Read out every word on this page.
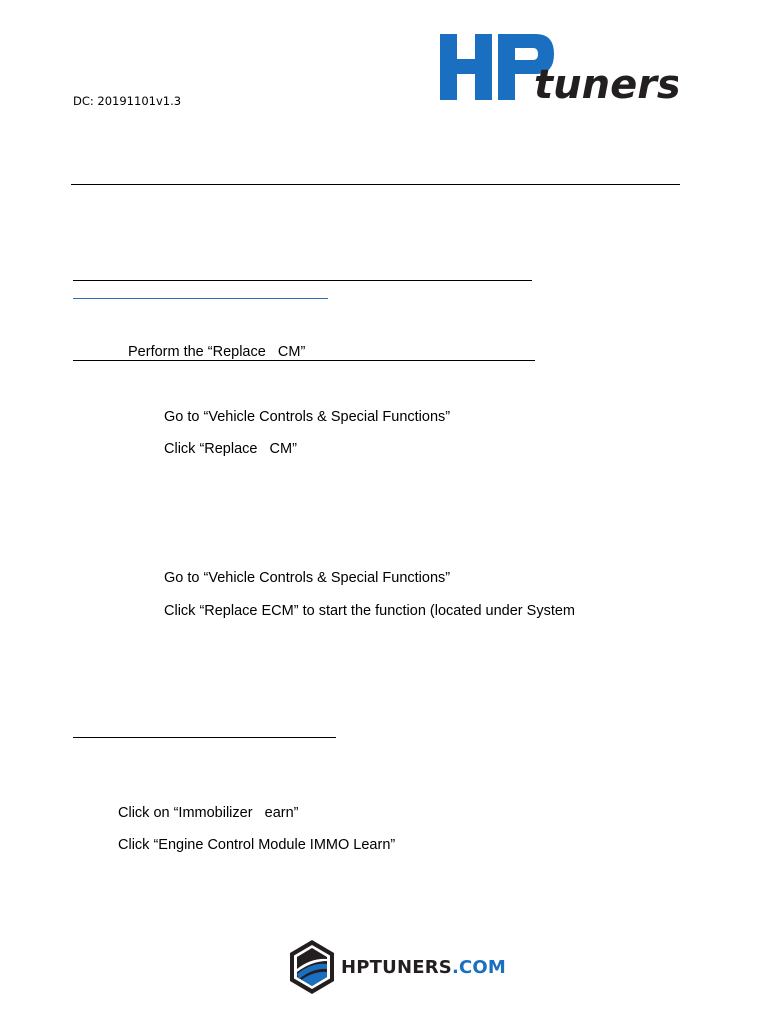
DC: 20191101v1.3	tuners
Perform the “Replace   CM”
Go to “Vehicle Controls & Special Functions”
Click “Replace   CM”
Go to “Vehicle Controls & Special Functions”
Click “Replace ECM” to start the function (located under System
Click on “Immobilizer   earn”
Click “Engine Control Module IMMO Learn”
HPTUNERS.COM
